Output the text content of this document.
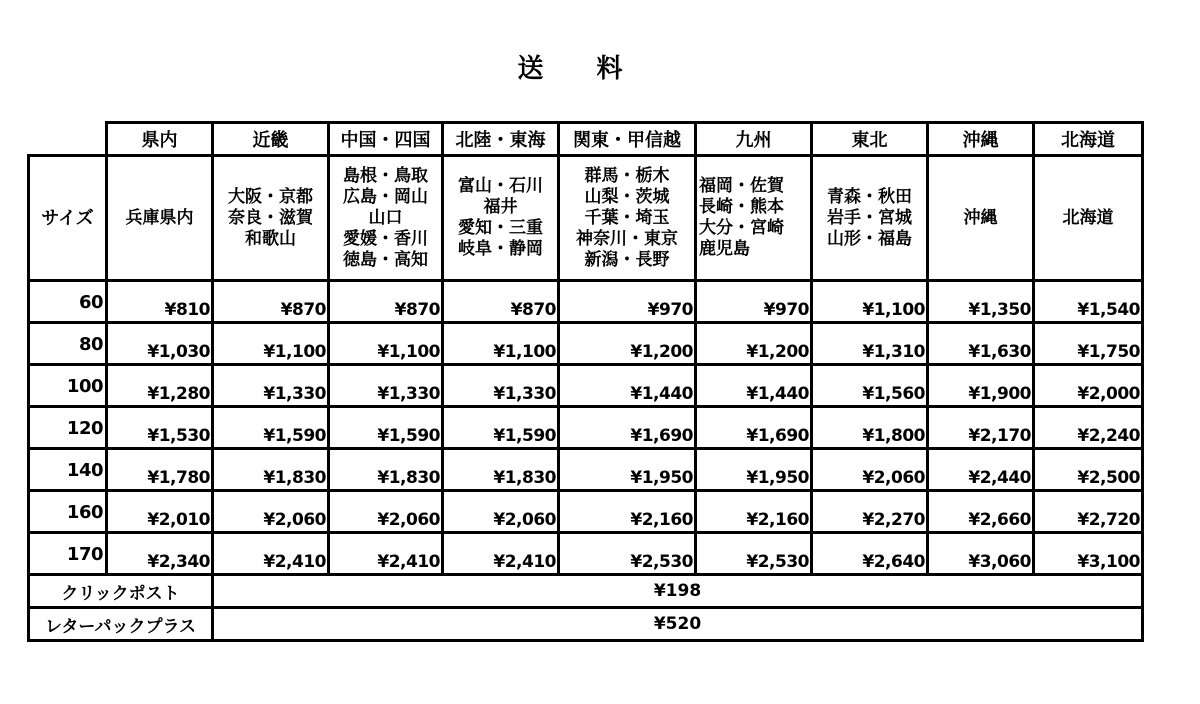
送 料
	県内	近畿	中国・四国	北陸・東海	関東・甲信越	九州	東北	沖縄	北海道
サイズ	兵庫県内	大阪・京都
奈良・滋賀
和歌山	島根・鳥取
広島・岡山
山口
愛媛・香川
徳島・高知	富山・石川
福井
愛知・三重
岐阜・静岡	群馬・栃木
山梨・茨城
千葉・埼玉
神奈川・東京
新潟・長野	福岡・佐賀
長崎・熊本
大分・宮崎
鹿児島	青森・秋田
岩手・宮城
山形・福島	沖縄	北海道

60	¥810	¥870	¥870	¥870	¥970	¥970	¥1,100	¥1,350	¥1,540
80	¥1,030	¥1,100	¥1,100	¥1,100	¥1,200	¥1,200	¥1,310	¥1,630	¥1,750
100	¥1,280	¥1,330	¥1,330	¥1,330	¥1,440	¥1,440	¥1,560	¥1,900	¥2,000
120	¥1,530	¥1,590	¥1,590	¥1,590	¥1,690	¥1,690	¥1,800	¥2,170	¥2,240
140	¥1,780	¥1,830	¥1,830	¥1,830	¥1,950	¥1,950	¥2,060	¥2,440	¥2,500
160	¥2,010	¥2,060	¥2,060	¥2,060	¥2,160	¥2,160	¥2,270	¥2,660	¥2,720
170	¥2,340	¥2,410	¥2,410	¥2,410	¥2,530	¥2,530	¥2,640	¥3,060	¥3,100
クリックポスト		¥198							
レターパックプラス		¥520							
